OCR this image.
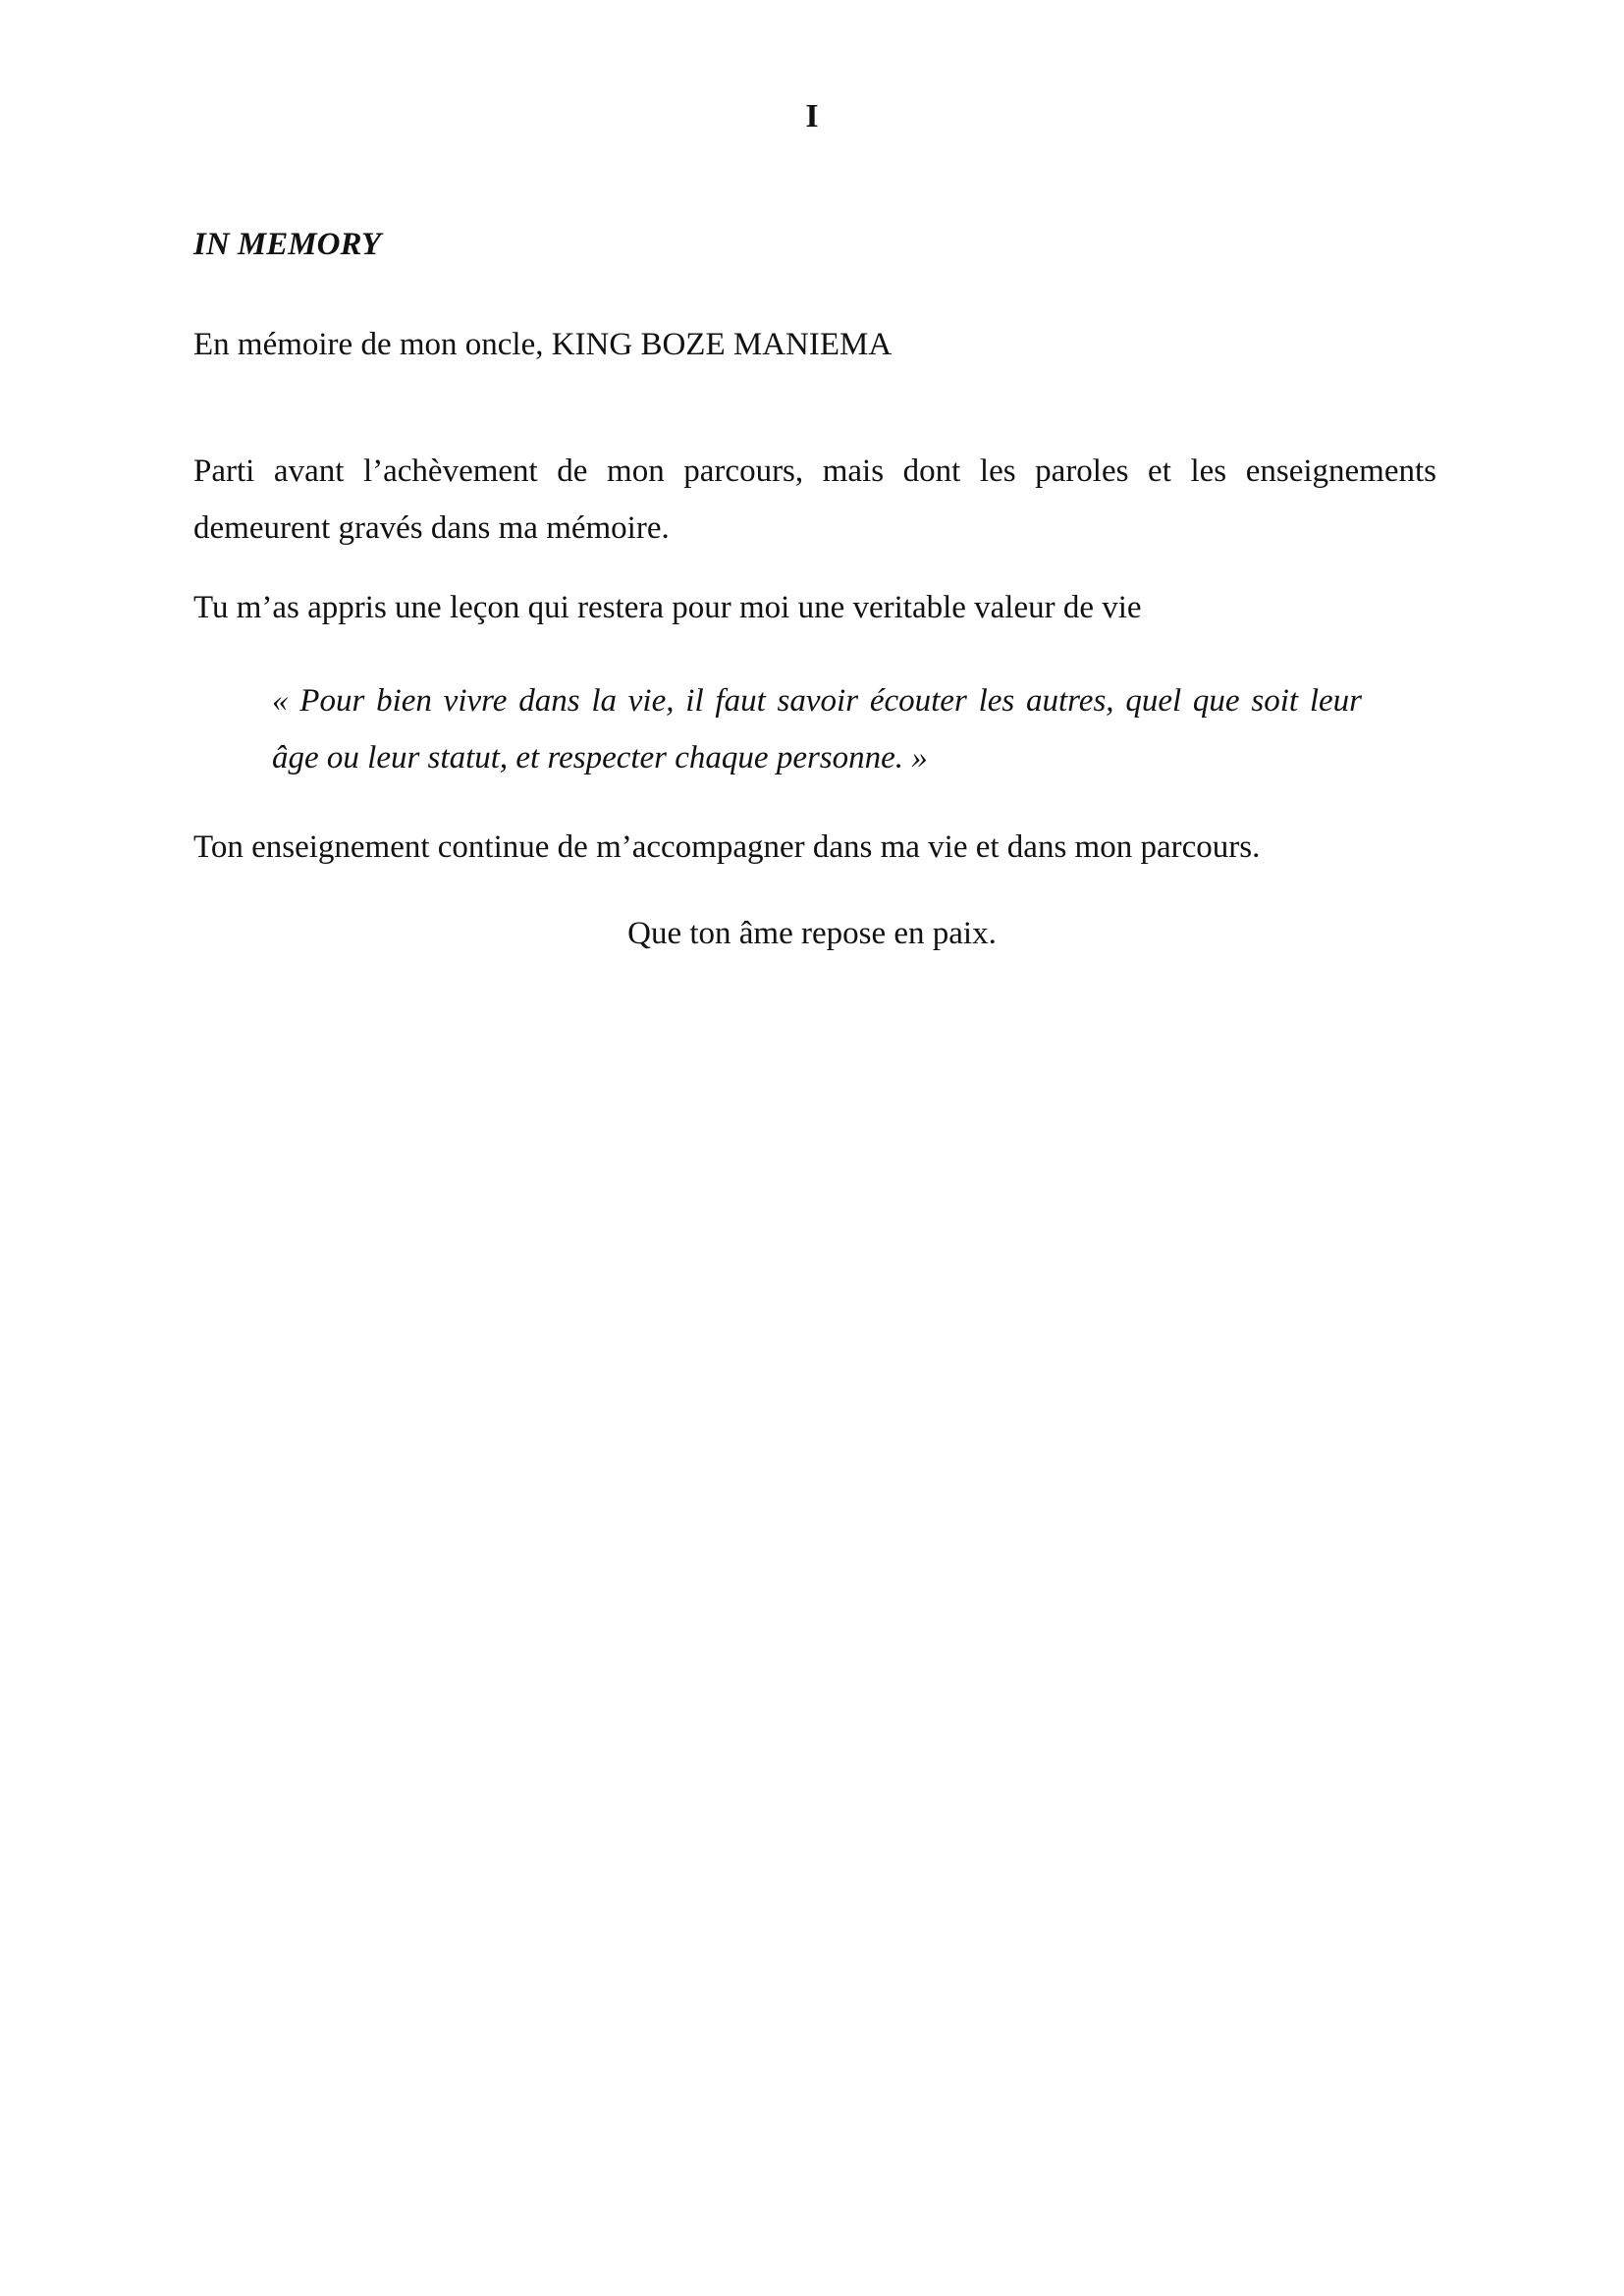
I
IN MEMORY
En mémoire de mon oncle, KING BOZE MANIEMA
Parti avant l’achèvement de mon parcours, mais dont les paroles et les enseignements
demeurent gravés dans ma mémoire.
Tu m’as appris une leçon qui restera pour moi une veritable valeur de vie
« Pour bien vivre dans la vie, il faut savoir écouter les autres, quel que soit leur
âge ou leur statut, et respecter chaque personne. »
Ton enseignement continue de m’accompagner dans ma vie et dans mon parcours.
Que ton âme repose en paix.
